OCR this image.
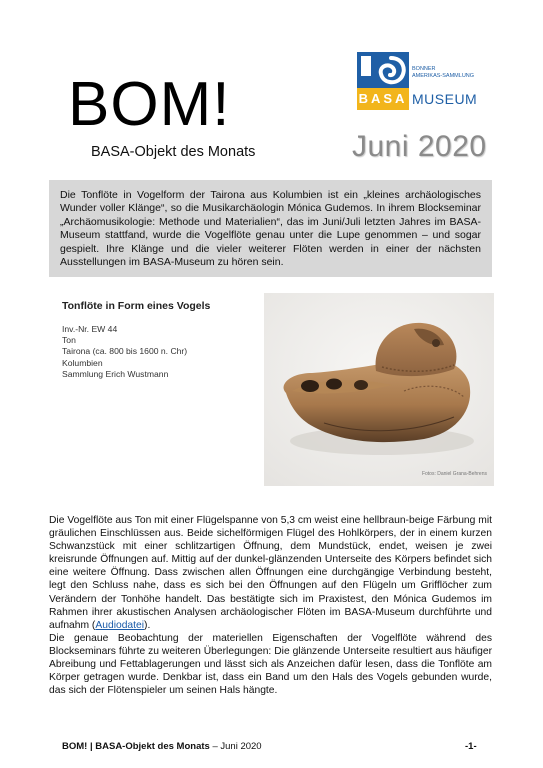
BOM!
BASA-Objekt des Monats
BASA
BONNER
AMERIKAS-SAMMLUNG
MUSEUM
Juni 2020
Die Tonflöte in Vogelform der Tairona aus Kolumbien ist ein „kleines archäologisches Wunder voller Klänge“, so die Musikarchäologin Mónica Gudemos. In ihrem Blockseminar „Archäomusikologie: Methode und Materialien“, das im Juni/Juli letzten Jahres im BASA-Museum stattfand, wurde die Vogelflöte genau unter die Lupe genommen – und sogar gespielt. Ihre Klänge und die vieler weiterer Flöten werden in einer der nächsten Ausstellungen im BASA-Museum zu hören sein.
Tonflöte in Form eines Vogels
Inv.-Nr. EW 44
Ton
Tairona (ca. 800 bis 1600 n. Chr)
Kolumbien
Sammlung Erich Wustmann
Fotos: Daniel Grana-Behrens

Die Vogelflöte aus Ton mit einer Flügelspanne von 5,3 cm weist eine hellbraun-beige Färbung mit gräulichen Einschlüssen aus. Beide sichelförmigen Flügel des Hohlkörpers, der in einem kurzen Schwanzstück mit einer schlitzartigen Öffnung, dem Mundstück, endet, weisen je zwei kreisrunde Öffnungen auf. Mittig auf der dunkel-glänzenden Unterseite des Körpers befindet sich eine weitere Öffnung. Dass zwischen allen Öffnungen eine durchgängige Verbindung besteht, legt den Schluss nahe, dass es sich bei den Öffnungen auf den Flügeln um Grifflöcher zum Verändern der Tonhöhe handelt. Das bestätigte sich im Praxistest, den Mónica Gudemos im Rahmen ihrer akustischen Analysen archäologischer Flöten im BASA-Museum durchführte und aufnahm (Audiodatei).

Die genaue Beobachtung der materiellen Eigenschaften der Vogelflöte während des Blockseminars führte zu weiteren Überlegungen: Die glänzende Unterseite resultiert aus häufiger Abreibung und Fettablagerungen und lässt sich als Anzeichen dafür lesen, dass die Tonflöte am Körper getragen wurde. Denkbar ist, dass ein Band um den Hals des Vogels gebunden wurde, das sich der Flötenspieler um seinen Hals hängte.

BOM! | BASA-Objekt des Monats – Juni 2020	-1-
